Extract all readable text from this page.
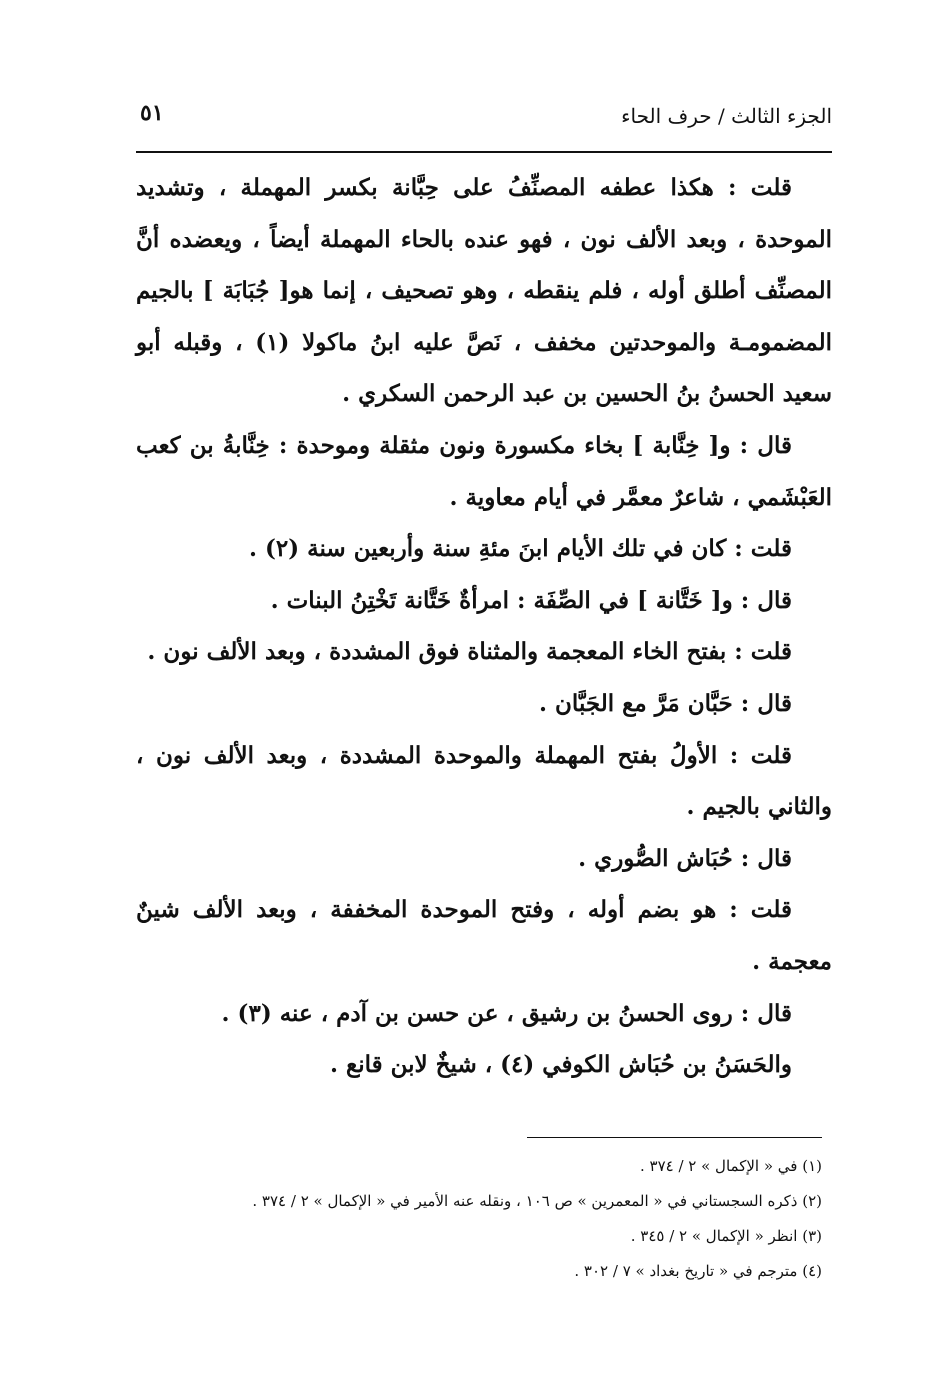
الجزء الثالث / حرف الحاء
٥١

قلت : هكذا عطفه المصنِّفُ على حِبَّانة بكسر المهملة ، وتشديد الموحدة ، وبعد الألف نون ، فهو عنده بالحاء المهملة أيضاً ، ويعضده أنَّ المصنِّف أطلق أوله ، فلم ينقطه ، وهو تصحيف ، إنما هو[ جُبَابَة ] بالجيم المضمومـة والموحدتين مخفف ، نَصَّ عليه ابنُ ماكولا (١) ، وقبله أبو سعيد الحسنُ بنُ الحسين بن عبد الرحمن السكري .

قال : و[ خِنَّابة ] بخاء مكسورة ونون مثقلة وموحدة : خِنَّابةُ بن كعب العَبْشَمي ، شاعرٌ معمَّر في أيام معاوية .

قلت : كان في تلك الأيام ابنَ مئةِ سنة وأربعين سنة (٢) .

قال : و[ خَتَّانة ] في الصِّفَة : امرأةٌ خَتَّانة تَخْتِنُ البنات .

قلت : بفتح الخاء المعجمة والمثناة فوق المشددة ، وبعد الألف نون .

قال : حَبَّان مَرَّ مع الجَبَّان .

قلت : الأولُ بفتح المهملة والموحدة المشددة ، وبعد الألف نون ، والثاني بالجيم .

قال : حُبَاش الصُّوري .

قلت : هو بضم أوله ، وفتح الموحدة المخففة ، وبعد الألف شينٌ معجمة .

قال : روى الحسنُ بن رشيق ، عن حسن بن آدم ، عنه (٣) .

والحَسَنُ بن حُبَاش الكوفي (٤) ، شيخٌ لابن قانع .

(١) في « الإكمال » ٢ / ٣٧٤ .

(٢) ذكره السجستاني في « المعمرين » ص ١٠٦ ، ونقله عنه الأمير في « الإكمال » ٢ / ٣٧٤ .

(٣) انظر « الإكمال » ٢ / ٣٤٥ .

(٤) مترجم في « تاريخ بغداد » ٧ / ٣٠٢ .
